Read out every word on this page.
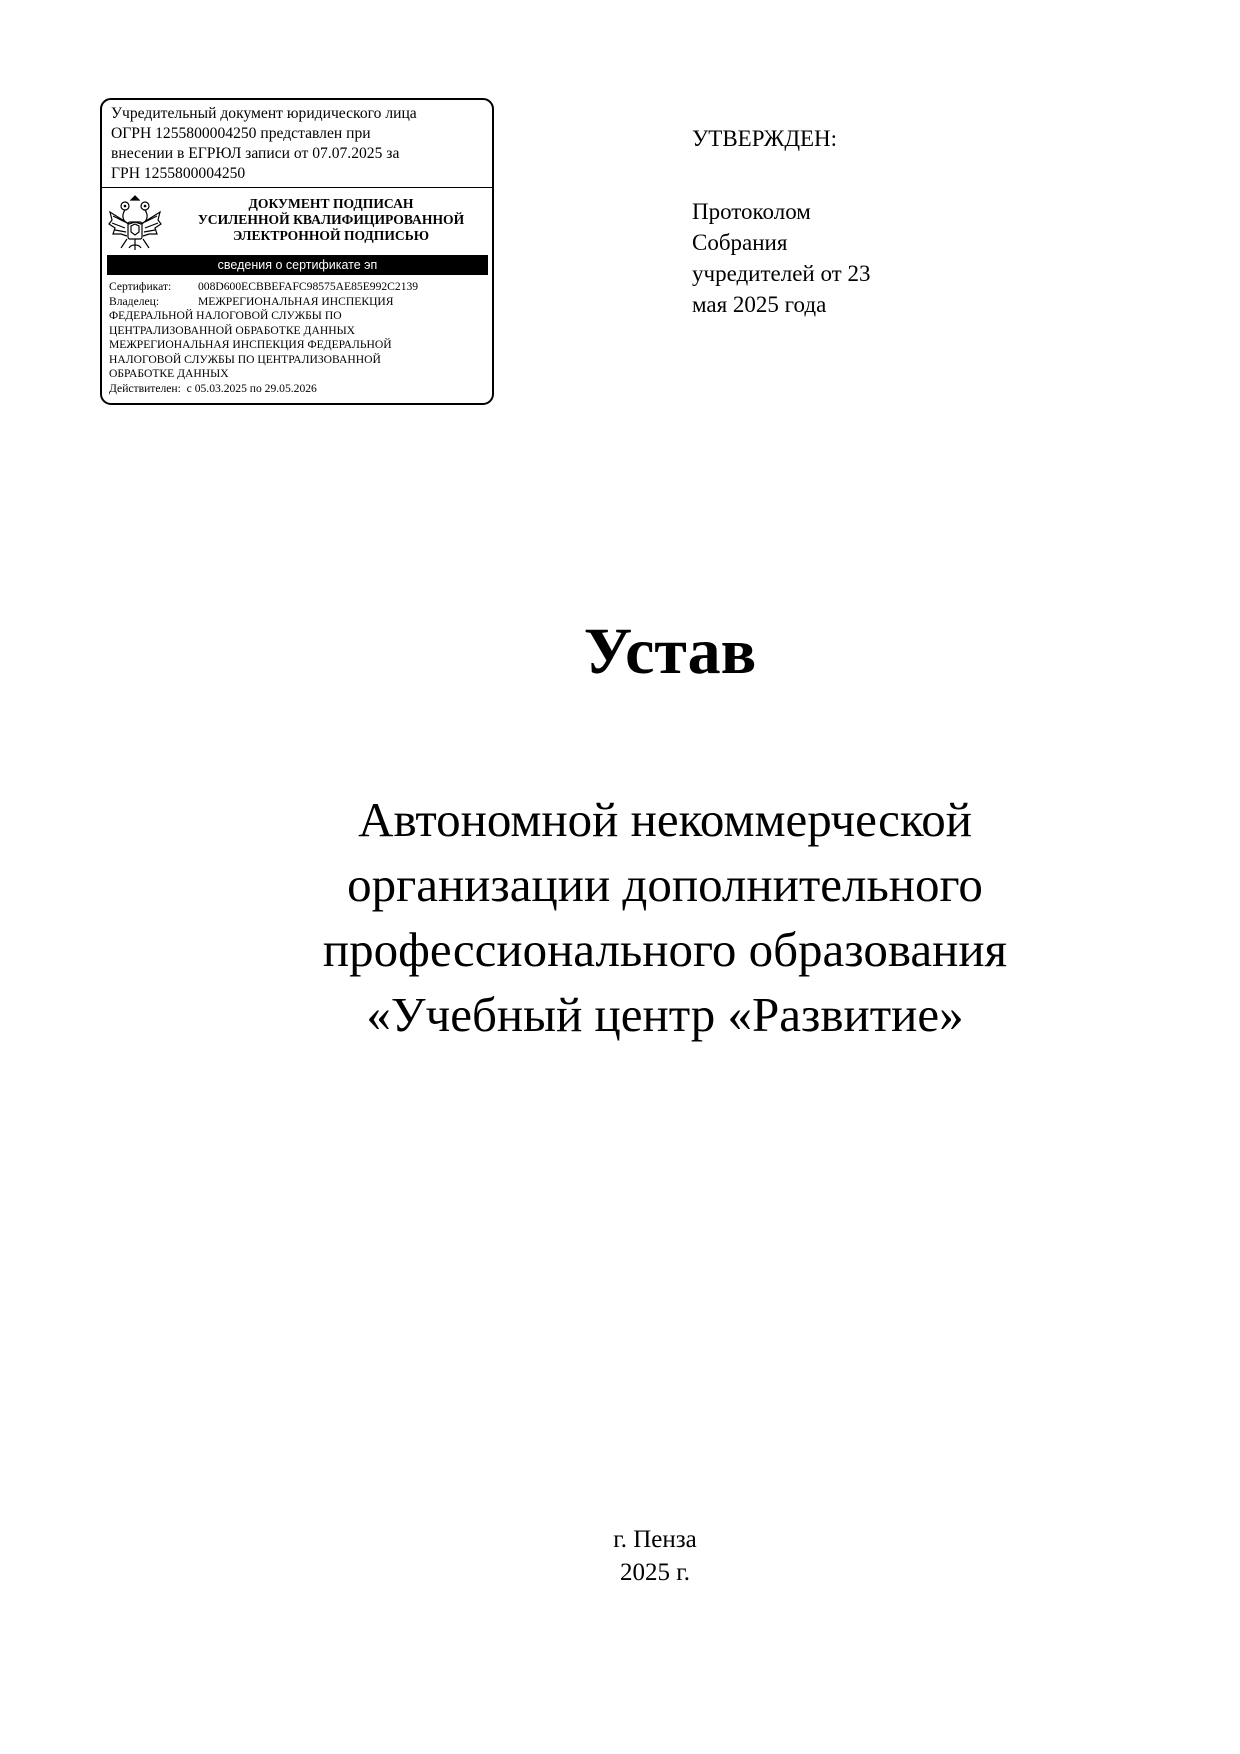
Учредительный документ юридического лица
ОГРН 1255800004250 представлен при
внесении в ЕГРЮЛ записи от 07.07.2025 за
ГРН 1255800004250
ДОКУМЕНТ ПОДПИСАН
УСИЛЕННОЙ КВАЛИФИЦИРОВАННОЙ
ЭЛЕКТРОННОЙ ПОДПИСЬЮ
сведения о сертификате эп
Сертификат: 008D600ECBBEFAFC98575AE85E992C2139
Владелец:	МЕЖРЕГИОНАЛЬНАЯ ИНСПЕКЦИЯ
ФЕДЕРАЛЬНОЙ НАЛОГОВОЙ СЛУЖБЫ ПО
ЦЕНТРАЛИЗОВАННОЙ ОБРАБОТКЕ ДАННЫХ
МЕЖРЕГИОНАЛЬНАЯ ИНСПЕКЦИЯ ФЕДЕРАЛЬНОЙ
НАЛОГОВОЙ СЛУЖБЫ ПО ЦЕНТРАЛИЗОВАННОЙ
ОБРАБОТКЕ ДАННЫХ
Действителен: с 05.03.2025 по 29.05.2026
УТВЕРЖДЕН:
Протоколом
Собрания
учредителей от 23
мая 2025 года
Устав
Автономной некоммерческой
организации дополнительного
профессионального образования
«Учебный центр «Развитие»
г. Пенза
2025 г.
